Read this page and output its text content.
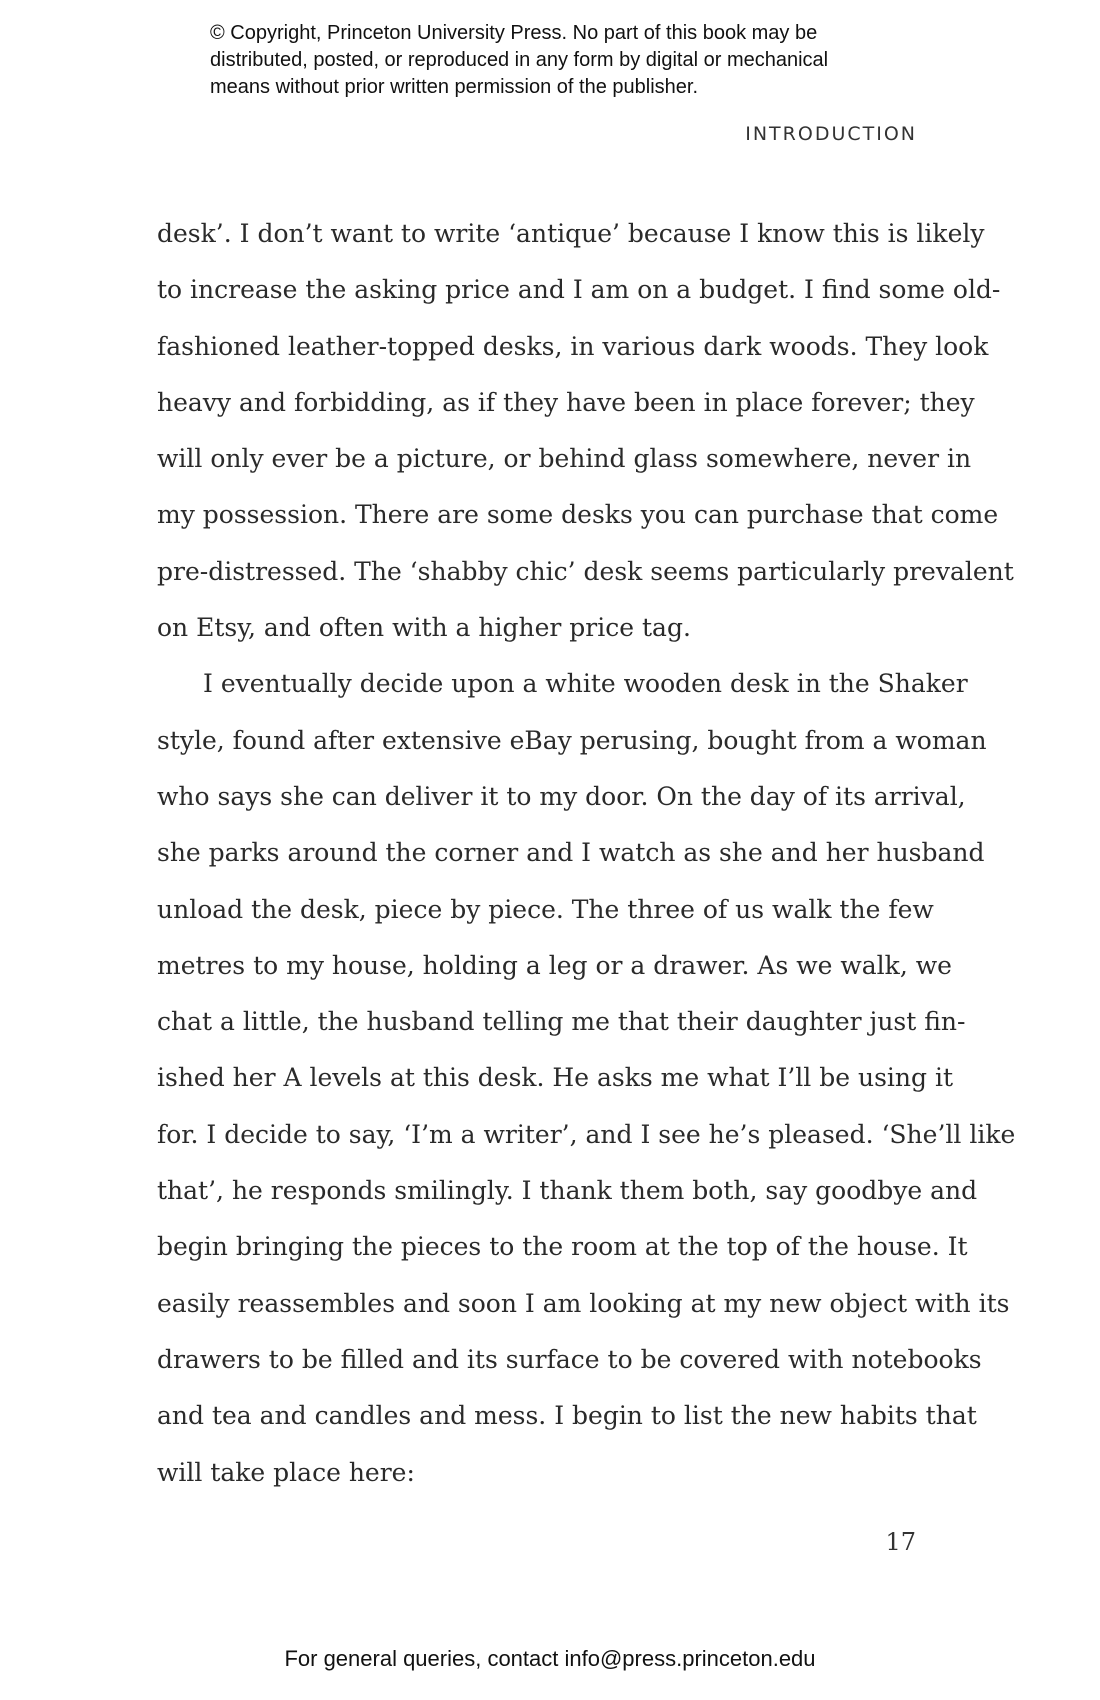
© Copyright, Princeton University Press. No part of this book may be
distributed, posted, or reproduced in any form by digital or mechanical
means without prior written permission of the publisher.
INTRODUCTION
desk’. I don’t want to write ‘antique’ because I know this is likely
to increase the asking price and I am on a budget. I find some old-
fashioned leather-topped desks, in various dark woods. They look
heavy and forbidding, as if they have been in place forever; they
will only ever be a picture, or behind glass somewhere, never in
my possession. There are some desks you can purchase that come
pre-distressed. The ‘shabby chic’ desk seems particularly prevalent
on Etsy, and often with a higher price tag.
I eventually decide upon a white wooden desk in the Shaker
style, found after extensive eBay perusing, bought from a woman
who says she can deliver it to my door. On the day of its arrival,
she parks around the corner and I watch as she and her husband
unload the desk, piece by piece. The three of us walk the few
metres to my house, holding a leg or a drawer. As we walk, we
chat a little, the husband telling me that their daughter just fin-
ished her A levels at this desk. He asks me what I’ll be using it
for. I decide to say, ‘I’m a writer’, and I see he’s pleased. ‘She’ll like
that’, he responds smilingly. I thank them both, say goodbye and
begin bringing the pieces to the room at the top of the house. It
easily reassembles and soon I am looking at my new object with its
drawers to be filled and its surface to be covered with notebooks
and tea and candles and mess. I begin to list the new habits that
will take place here:
17
For general queries, contact info@press.princeton.edu
